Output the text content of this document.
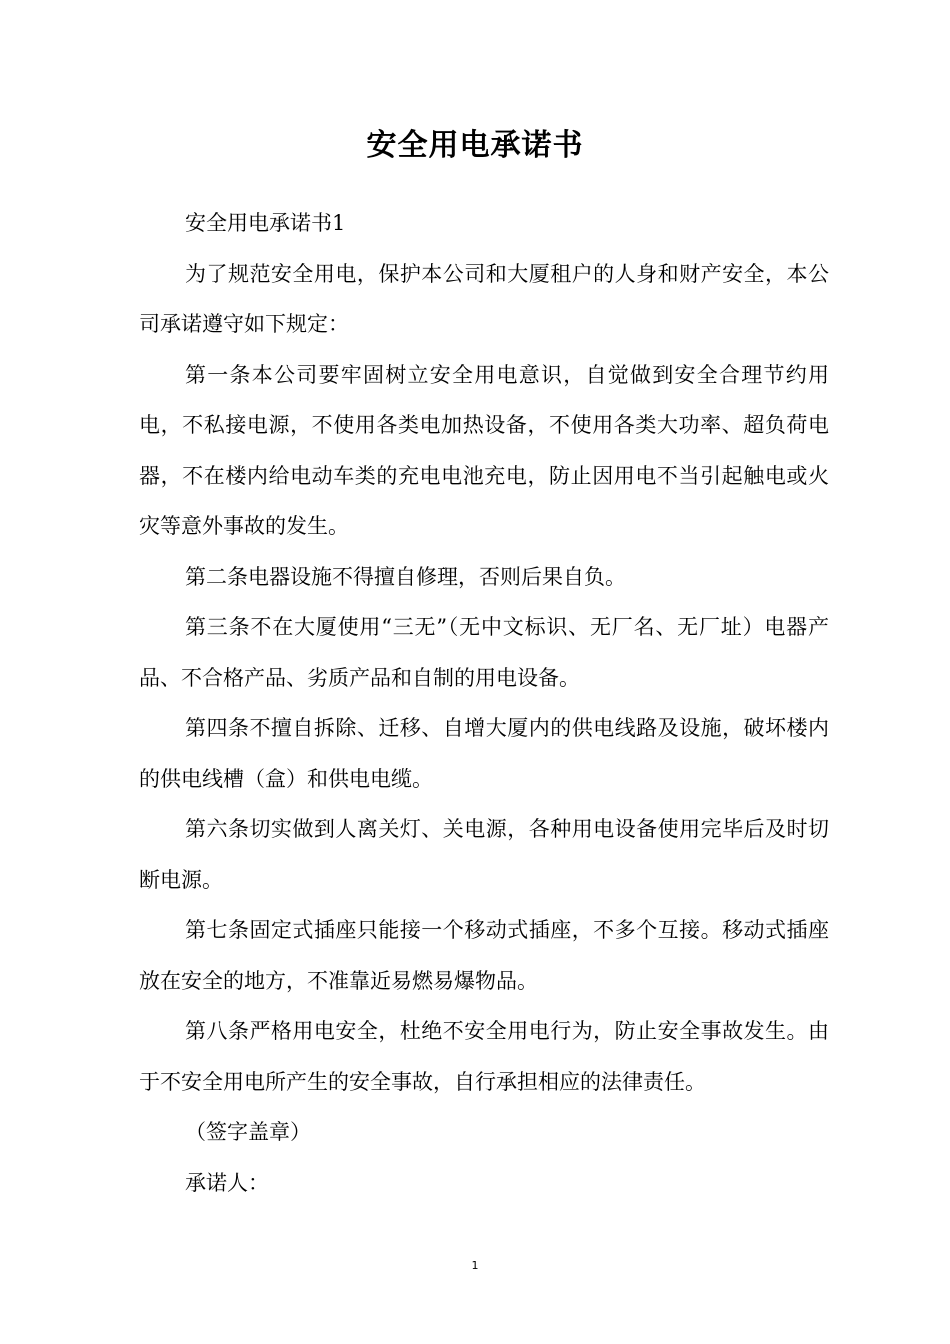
安全用电承诺书

安全用电承诺书1

为了规范安全用电，保护本公司和大厦租户的人身和财产安全，本公司承诺遵守如下规定：

第一条本公司要牢固树立安全用电意识，自觉做到安全合理节约用电，不私接电源，不使用各类电加热设备，不使用各类大功率、超负荷电器，不在楼内给电动车类的充电电池充电，防止因用电不当引起触电或火灾等意外事故的发生。

第二条电器设施不得擅自修理，否则后果自负。

第三条不在大厦使用“三无”（无中文标识、无厂名、无厂址）电器产品、不合格产品、劣质产品和自制的用电设备。

第四条不擅自拆除、迁移、自增大厦内的供电线路及设施，破坏楼内的供电线槽（盒）和供电电缆。

第六条切实做到人离关灯、关电源，各种用电设备使用完毕后及时切断电源。

第七条固定式插座只能接一个移动式插座，不多个互接。移动式插座放在安全的地方，不准靠近易燃易爆物品。

第八条严格用电安全，杜绝不安全用电行为，防止安全事故发生。由于不安全用电所产生的安全事故，自行承担相应的法律责任。

（签字盖章）

承诺人：

1
